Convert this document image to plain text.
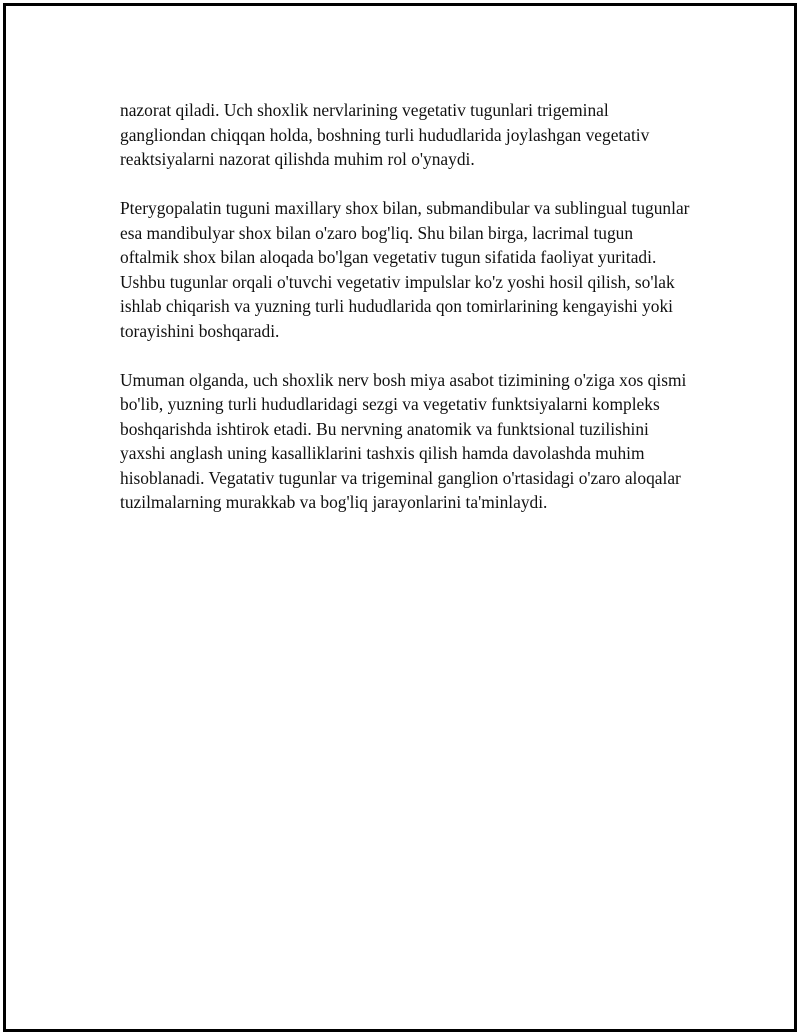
nazorat qiladi. Uch shoxlik nervlarining vegetativ tugunlari trigeminal gangliondan chiqqan holda, boshning turli hududlarida joylashgan vegetativ reaktsiyalarni nazorat qilishda muhim rol o'ynaydi.

Pterygopalatin tuguni maxillary shox bilan, submandibular va sublingual tugunlar esa mandibulyar shox bilan o'zaro bog'liq. Shu bilan birga, lacrimal tugun oftalmik shox bilan aloqada bo'lgan vegetativ tugun sifatida faoliyat yuritadi. Ushbu tugunlar orqali o'tuvchi vegetativ impulslar ko'z yoshi hosil qilish, so'lak ishlab chiqarish va yuzning turli hududlarida qon tomirlarining kengayishi yoki torayishini boshqaradi.

Umuman olganda, uch shoxlik nerv bosh miya asabot tizimining o'ziga xos qismi bo'lib, yuzning turli hududlaridagi sezgi va vegetativ funktsiyalarni kompleks boshqarishda ishtirok etadi. Bu nervning anatomik va funktsional tuzilishini yaxshi anglash uning kasalliklarini tashxis qilish hamda davolashda muhim hisoblanadi. Vegatativ tugunlar va trigeminal ganglion o'rtasidagi o'zaro aloqalar tuzilmalarning murakkab va bog'liq jarayonlarini ta'minlaydi.
